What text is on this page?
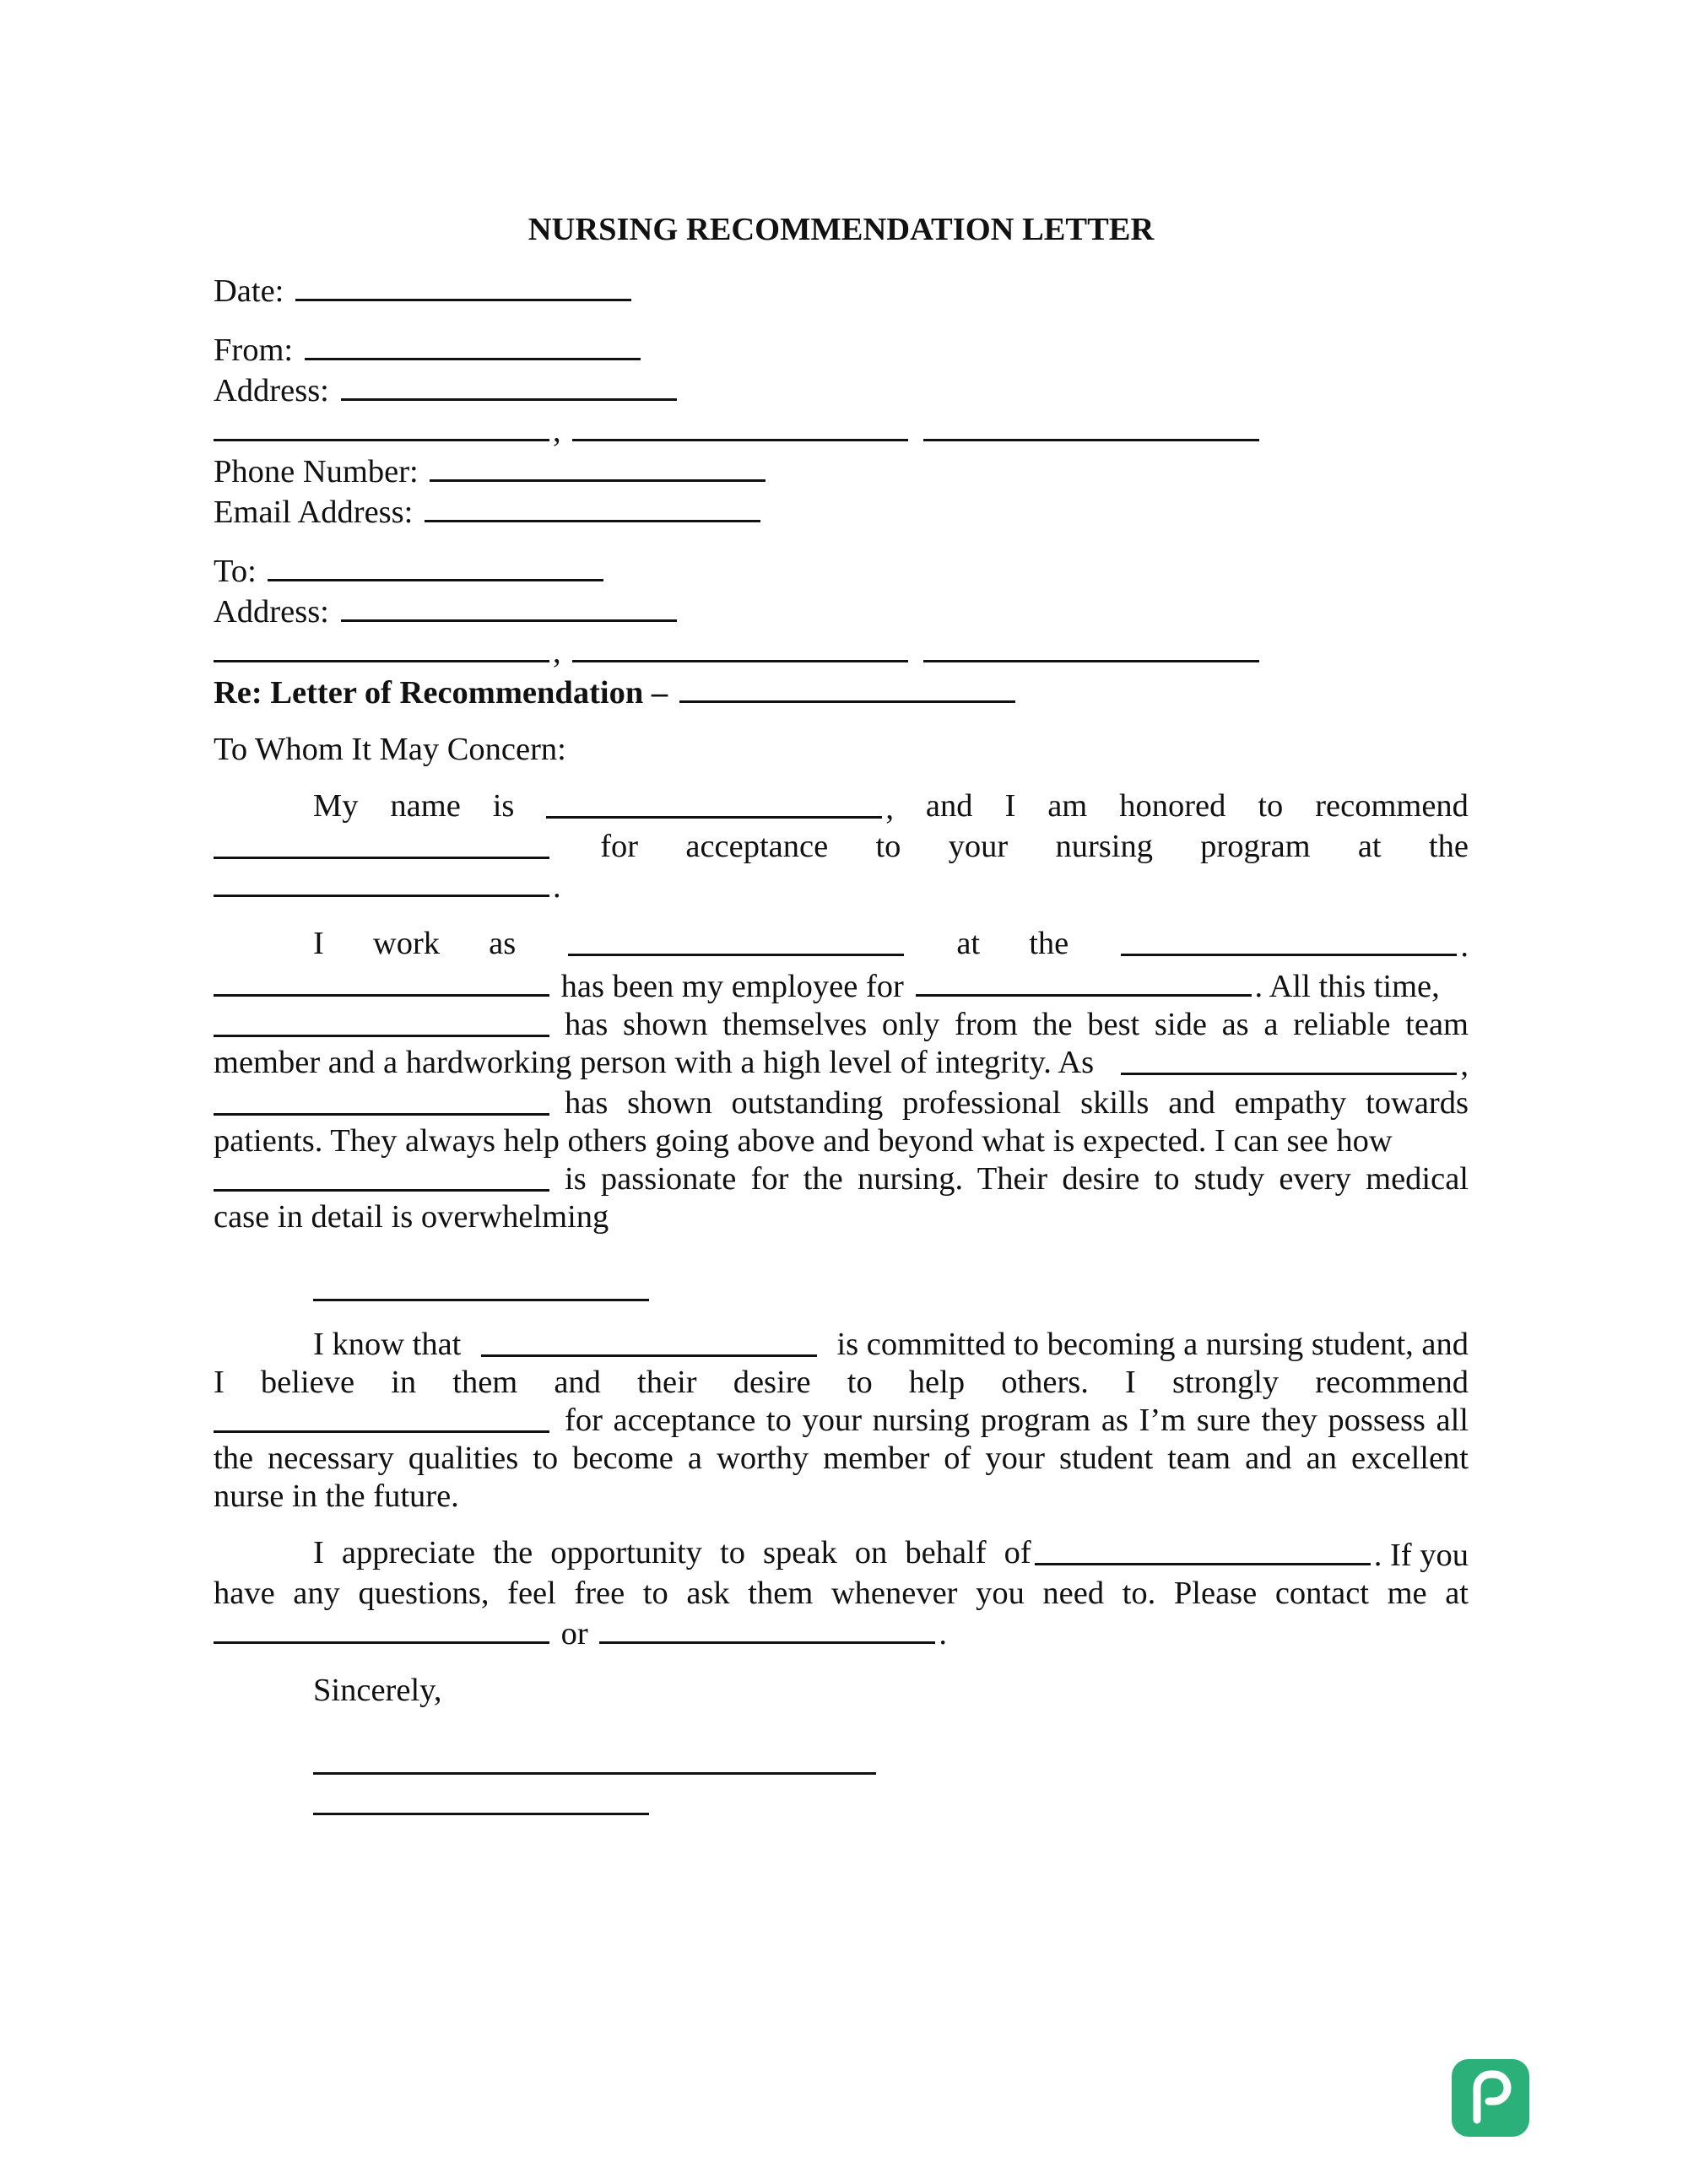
NURSING RECOMMENDATION LETTER

Date:

From:

Address:

,

Phone Number:

Email Address:

To:

Address:

,

Re: Letter of Recommendation –

To Whom It May Concern:

My name is	, and I am honored to recommend
for acceptance to your nursing program at the

.

I work as	at the	.
has been my employee for	. All this time,
has shown themselves only from the best side as a reliable team
member and a hardworking person with a high level of integrity. As	,
has shown outstanding professional skills and empathy towards

patients. They always help others going above and beyond what is expected. I can see how

is passionate for the nursing. Their desire to study every medical

case in detail is overwhelming

I know that	is committed to becoming a nursing student, and
I believe in them and their desire to help others. I strongly recommend
for acceptance to your nursing program as I’m sure they possess all
the necessary qualities to become a worthy member of your student team and an excellent

nurse in the future.

I appreciate the opportunity to speak on behalf of	. If you
have any questions, feel free to ask them whenever you need to. Please contact me at

or	.

Sincerely,
